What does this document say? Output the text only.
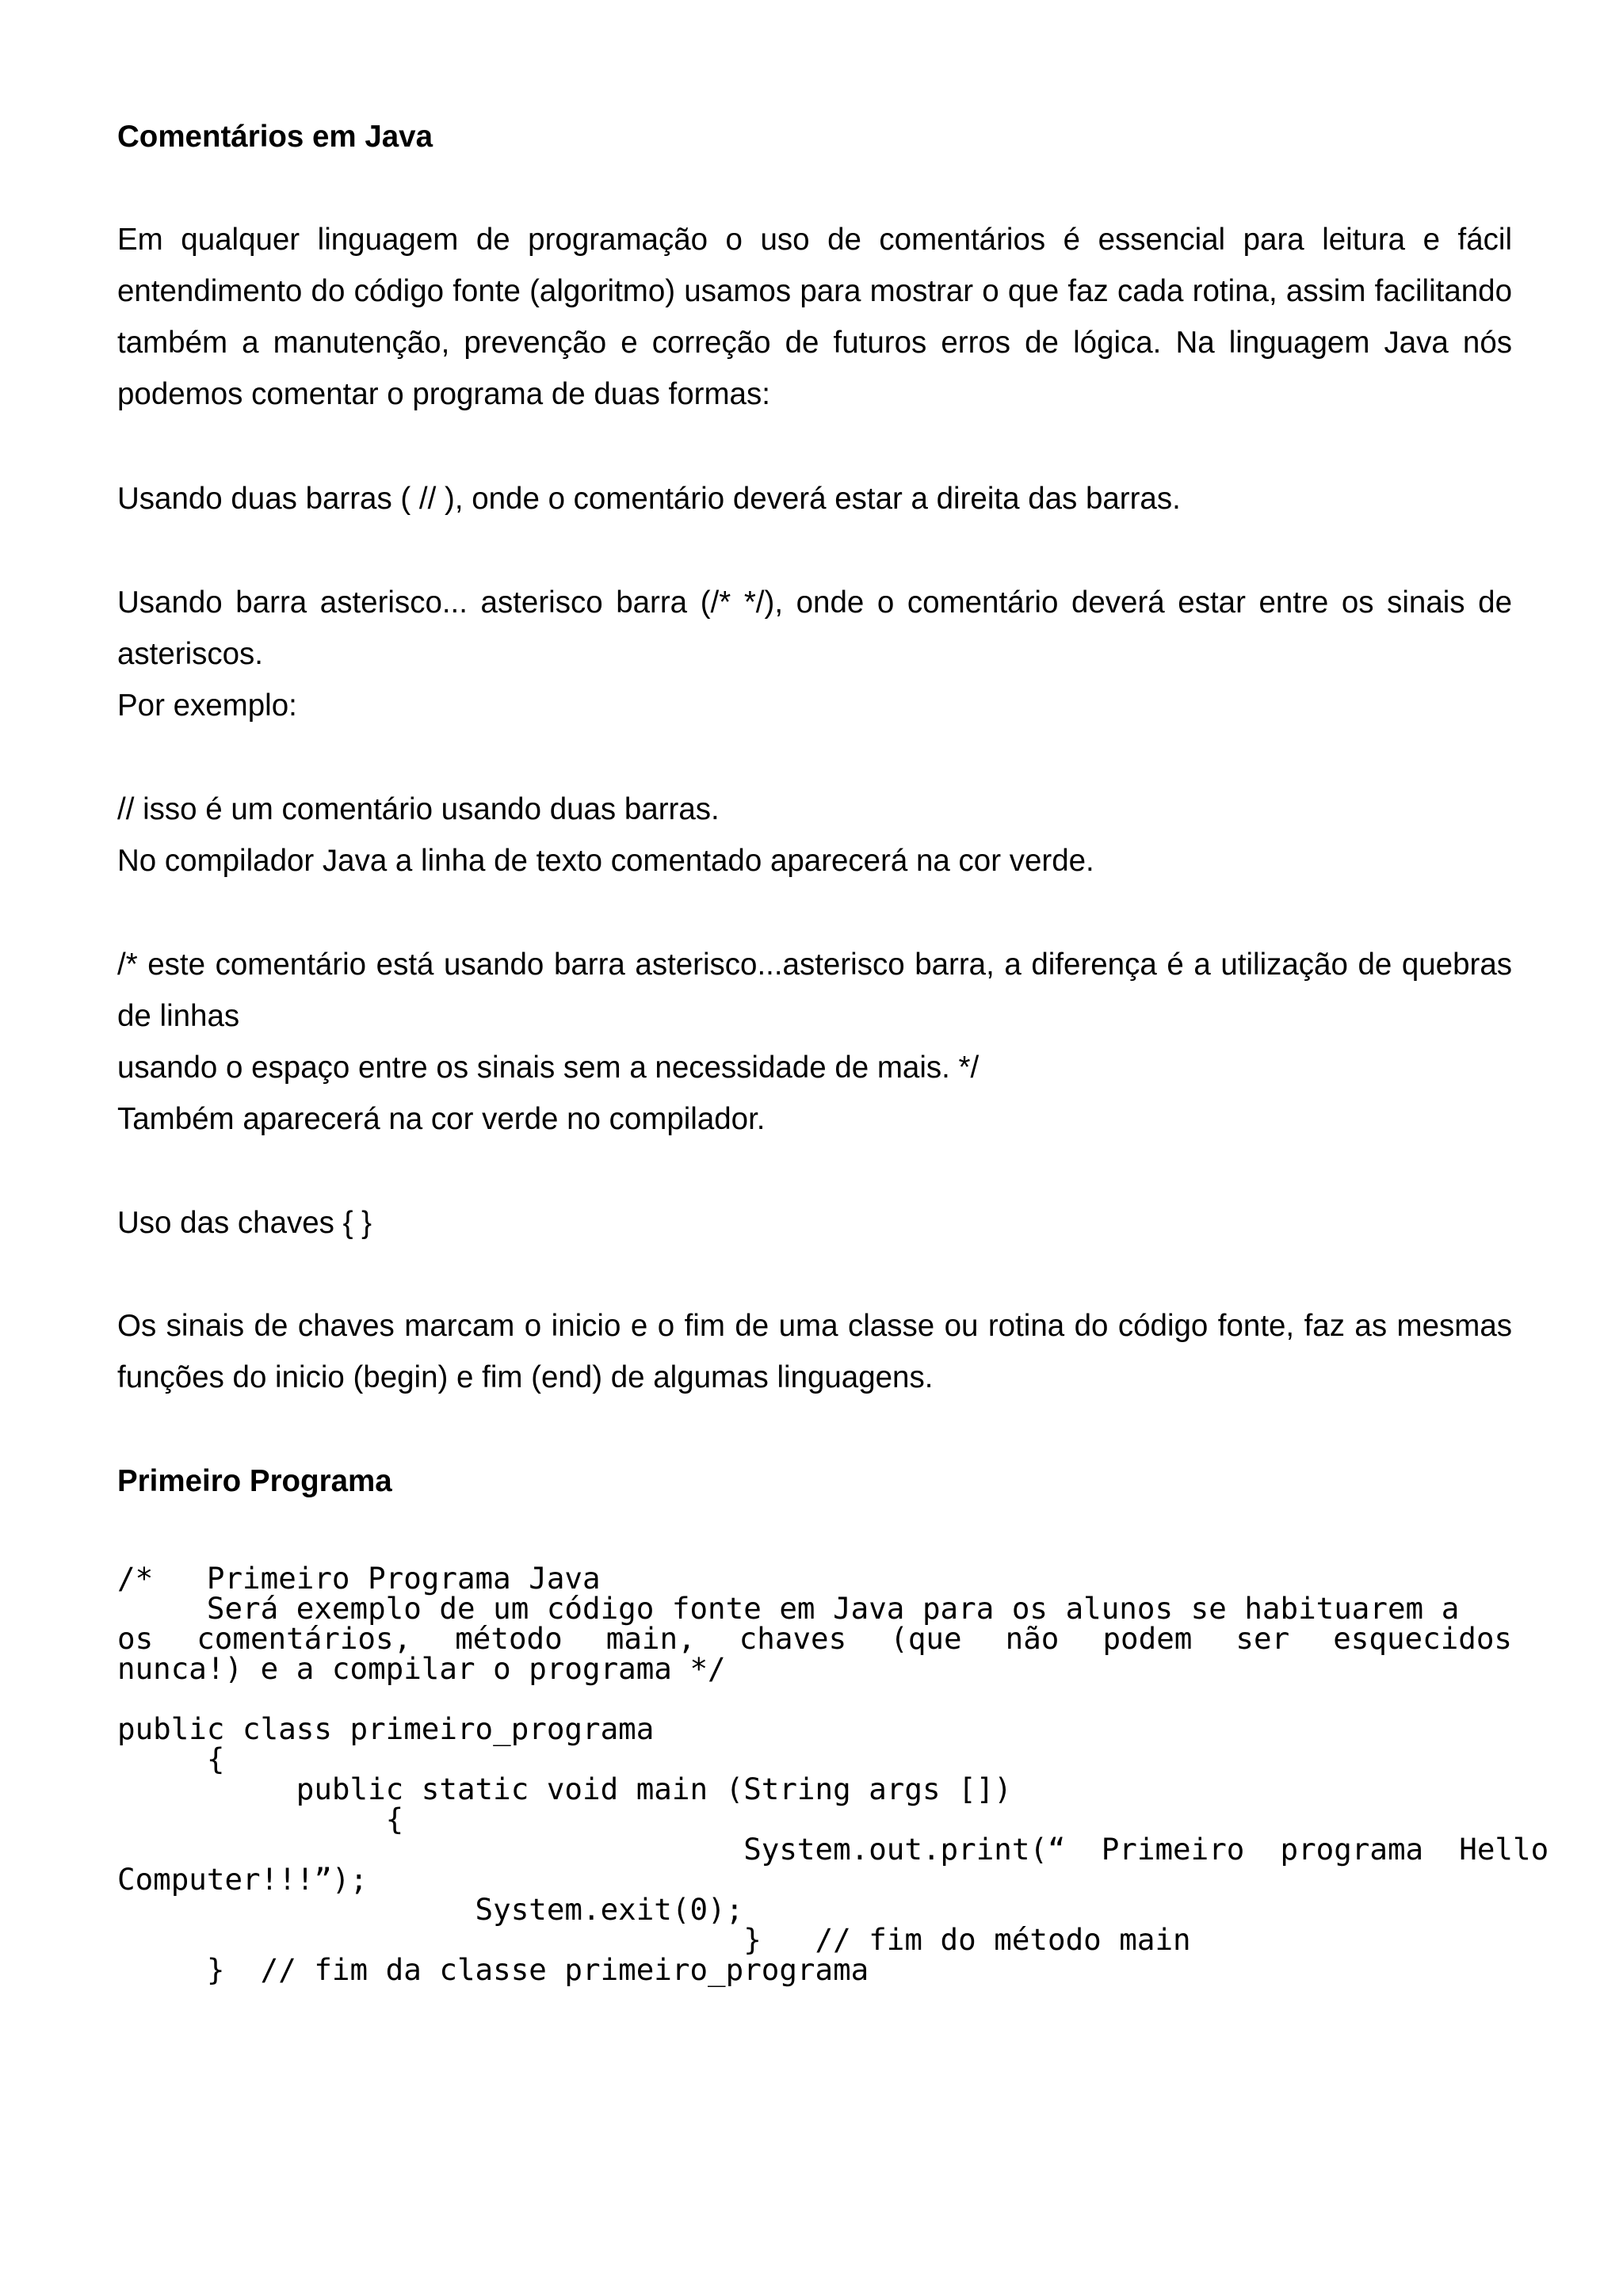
Comentários em Java

Em qualquer linguagem de programação o uso de comentários é essencial para leitura e fácil entendimento do código fonte (algoritmo) usamos para mostrar o que faz cada rotina, assim facilitando também a manutenção, prevenção e correção de futuros erros de lógica. Na linguagem Java nós podemos comentar o programa de duas formas:

Usando duas barras ( // ), onde o comentário deverá estar a direita das barras.

Usando barra asterisco... asterisco barra (/* */), onde o comentário deverá estar entre os sinais de asteriscos.

Por exemplo:

// isso é um comentário usando duas barras.

No compilador Java a linha de texto comentado aparecerá na cor verde.

/* este comentário está usando barra asterisco...asterisco barra, a diferença é a utilização de quebras de linhas

usando o espaço entre os sinais sem a necessidade de mais. */

Também aparecerá na cor verde no compilador.

Uso das chaves { }

Os sinais de chaves marcam o inicio e o fim de uma classe ou rotina do código fonte, faz as mesmas funções do inicio (begin) e fim (end) de algumas linguagens.

Primeiro Programa

/*   Primeiro Programa Java

Será exemplo de um código fonte em Java para os alunos se habituarem a

os comentários, método main, chaves (que não podem ser esquecidos

nunca!) e a compilar o programa */

public class primeiro_programa

{

public static void main (String args [])

{

System.out.print(“  Primeiro  programa  Hello

Computer!!!”);

System.exit(0);

}   // fim do método main

}  // fim da classe primeiro_programa
